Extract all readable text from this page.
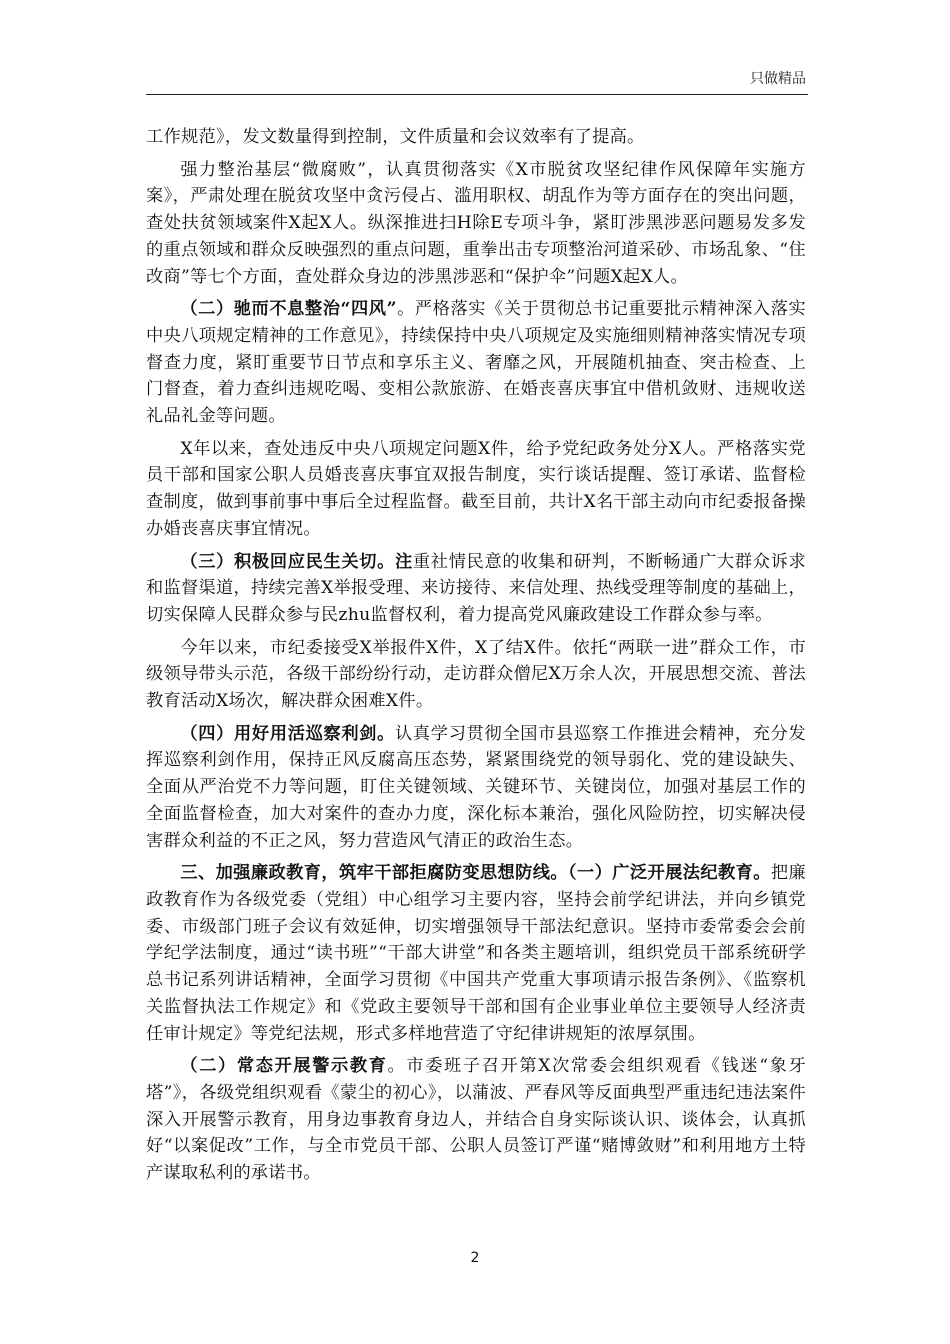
只做精品

工作规范》，发文数量得到控制，文件质量和会议效率有了提高。

强力整治基层“微腐败”，认真贯彻落实《X市脱贫攻坚纪律作风保障年实施方案》，严肃处理在脱贫攻坚中贪污侵占、滥用职权、胡乱作为等方面存在的突出问题，查处扶贫领域案件X起X人。纵深推进扫H除E专项斗争，紧盯涉黑涉恶问题易发多发的重点领域和群众反映强烈的重点问题，重拳出击专项整治河道采砂、市场乱象、“住改商”等七个方面，查处群众身边的涉黑涉恶和“保护伞”问题X起X人。

（二）驰而不息整治“四风”。严格落实《关于贯彻总书记重要批示精神深入落实中央八项规定精神的工作意见》，持续保持中央八项规定及实施细则精神落实情况专项督查力度，紧盯重要节日节点和享乐主义、奢靡之风，开展随机抽查、突击检查、上门督查，着力查纠违规吃喝、变相公款旅游、在婚丧喜庆事宜中借机敛财、违规收送礼品礼金等问题。

X年以来，查处违反中央八项规定问题X件，给予党纪政务处分X人。严格落实党员干部和国家公职人员婚丧喜庆事宜双报告制度，实行谈话提醒、签订承诺、监督检查制度，做到事前事中事后全过程监督。截至目前，共计X名干部主动向市纪委报备操办婚丧喜庆事宜情况。

（三）积极回应民生关切。注重社情民意的收集和研判，不断畅通广大群众诉求和监督渠道，持续完善X举报受理、来访接待、来信处理、热线受理等制度的基础上，切实保障人民群众参与民zhu监督权利，着力提高党风廉政建设工作群众参与率。

今年以来，市纪委接受X举报件X件，X了结X件。依托“两联一进”群众工作，市级领导带头示范，各级干部纷纷行动，走访群众僧尼X万余人次，开展思想交流、普法教育活动X场次，解决群众困难X件。

（四）用好用活巡察利剑。认真学习贯彻全国市县巡察工作推进会精神，充分发挥巡察利剑作用，保持正风反腐高压态势，紧紧围绕党的领导弱化、党的建设缺失、全面从严治党不力等问题，盯住关键领域、关键环节、关键岗位，加强对基层工作的全面监督检查，加大对案件的查办力度，深化标本兼治，强化风险防控，切实解决侵害群众利益的不正之风，努力营造风气清正的政治生态。

三、加强廉政教育，筑牢干部拒腐防变思想防线。（一）广泛开展法纪教育。把廉政教育作为各级党委（党组）中心组学习主要内容，坚持会前学纪讲法，并向乡镇党委、市级部门班子会议有效延伸，切实增强领导干部法纪意识。坚持市委常委会会前学纪学法制度，通过“读书班”“干部大讲堂”和各类主题培训，组织党员干部系统研学总书记系列讲话精神，全面学习贯彻《中国共产党重大事项请示报告条例》、《监察机关监督执法工作规定》和《党政主要领导干部和国有企业事业单位主要领导人经济责任审计规定》等党纪法规，形式多样地营造了守纪律讲规矩的浓厚氛围。

（二）常态开展警示教育。市委班子召开第X次常委会组织观看《钱迷“象牙塔”》，各级党组织观看《蒙尘的初心》，以蒲波、严春风等反面典型严重违纪违法案件深入开展警示教育，用身边事教育身边人，并结合自身实际谈认识、谈体会，认真抓好“以案促改”工作，与全市党员干部、公职人员签订严谨“赌博敛财”和利用地方土特产谋取私利的承诺书。

2
